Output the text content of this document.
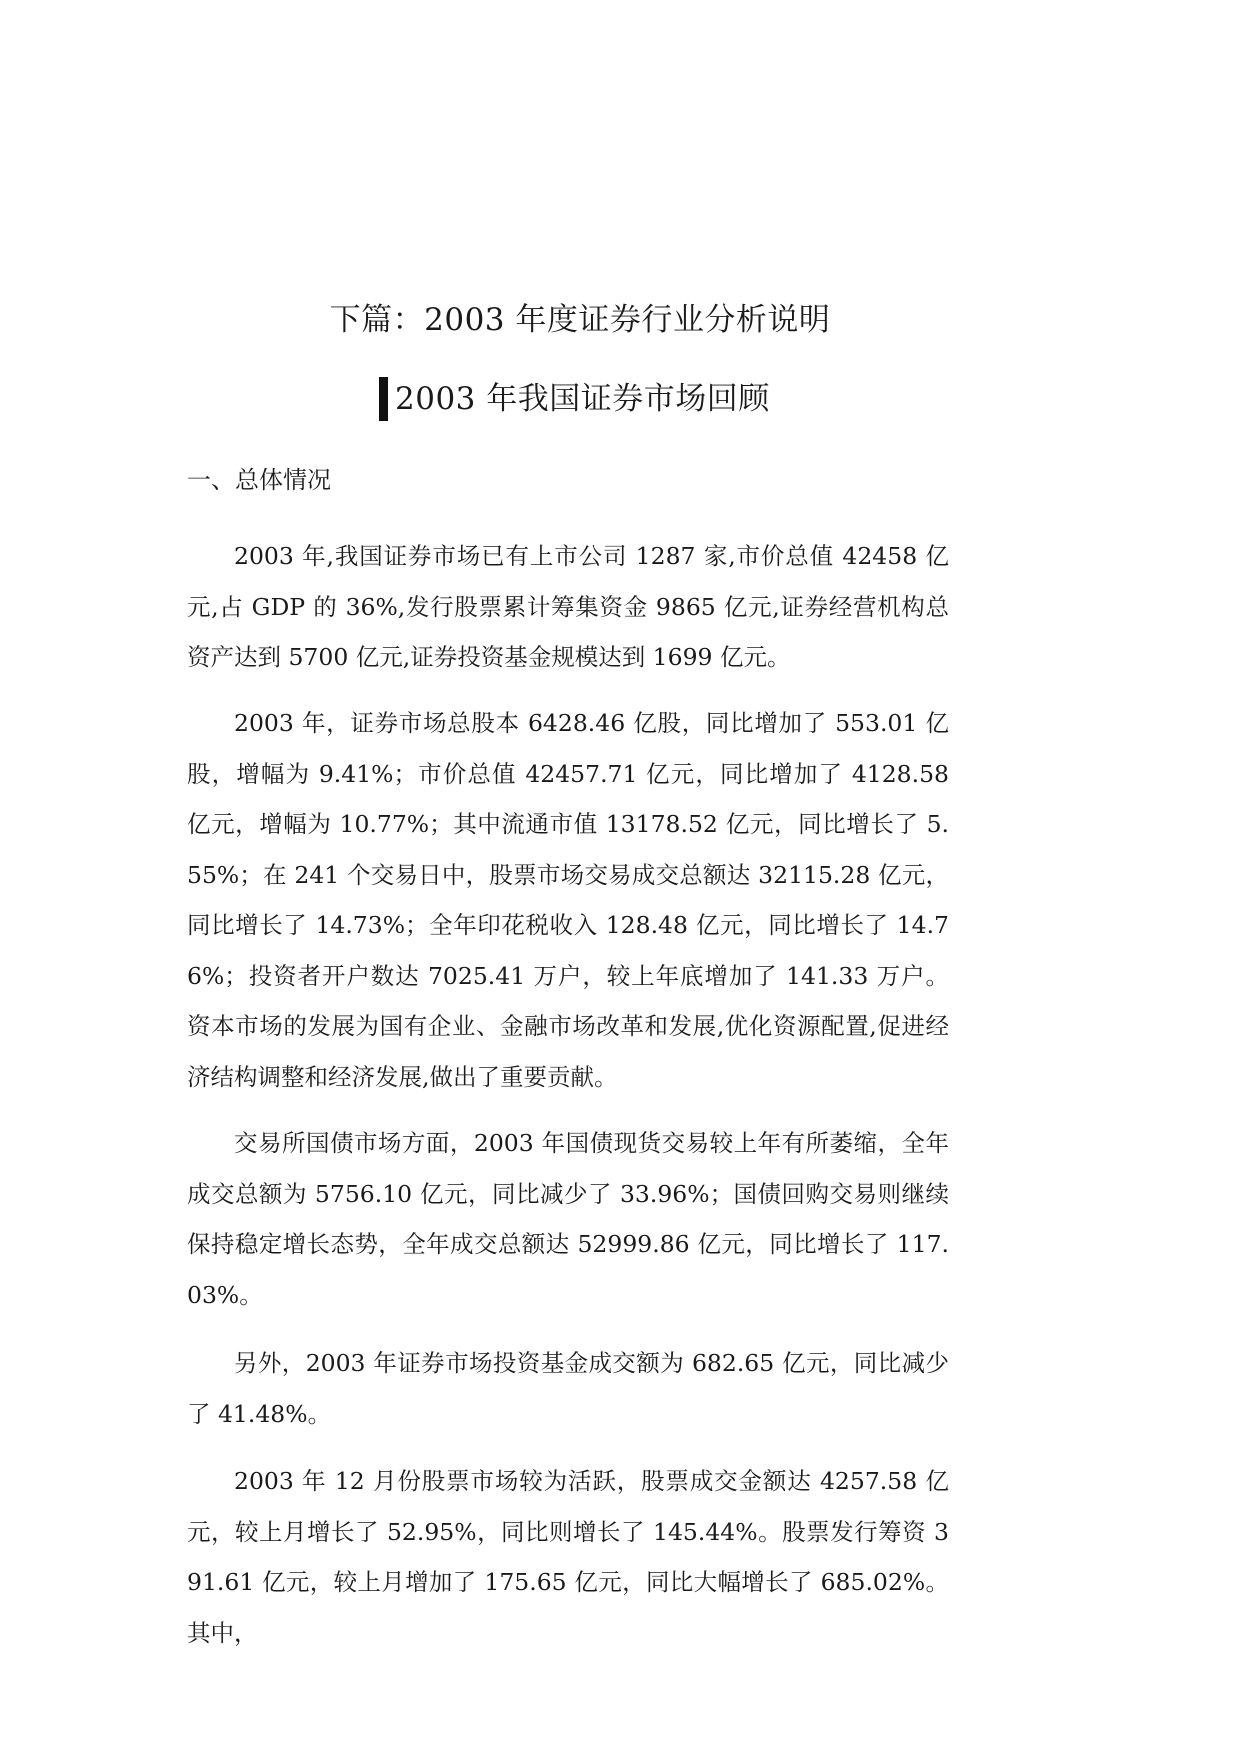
下篇：2003 年度证券行业分析说明
2003 年我国证券市场回顾
一、总体情况

2003 年,我国证券市场已有上市公司 1287 家,市价总值 42458 亿元,占 GDP 的 36%,发行股票累计筹集资金 9865 亿元,证券经营机构总资产达到 5700 亿元,证券投资基金规模达到 1699 亿元。

2003 年，证券市场总股本 6428.46 亿股，同比增加了 553.01 亿股，增幅为 9.41%；市价总值 42457.71 亿元，同比增加了 4128.58 亿元，增幅为 10.77%；其中流通市值 13178.52 亿元，同比增长了 5.55%；在 241 个交易日中，股票市场交易成交总额达 32115.28 亿元，同比增长了 14.73%；全年印花税收入 128.48 亿元，同比增长了 14.76%；投资者开户数达 7025.41 万户，较上年底增加了 141.33 万户。资本市场的发展为国有企业、金融市场改革和发展,优化资源配置,促进经济结构调整和经济发展,做出了重要贡献。

交易所国债市场方面，2003 年国债现货交易较上年有所萎缩，全年成交总额为 5756.10 亿元，同比减少了 33.96%；国债回购交易则继续保持稳定增长态势，全年成交总额达 52999.86 亿元，同比增长了 117.03%。

另外，2003 年证券市场投资基金成交额为 682.65 亿元，同比减少了 41.48%。

2003 年 12 月份股票市场较为活跃，股票成交金额达 4257.58 亿元，较上月增长了 52.95%，同比则增长了 145.44%。股票发行筹资 391.61 亿元，较上月增加了 175.65 亿元，同比大幅增长了 685.02%。其中，
